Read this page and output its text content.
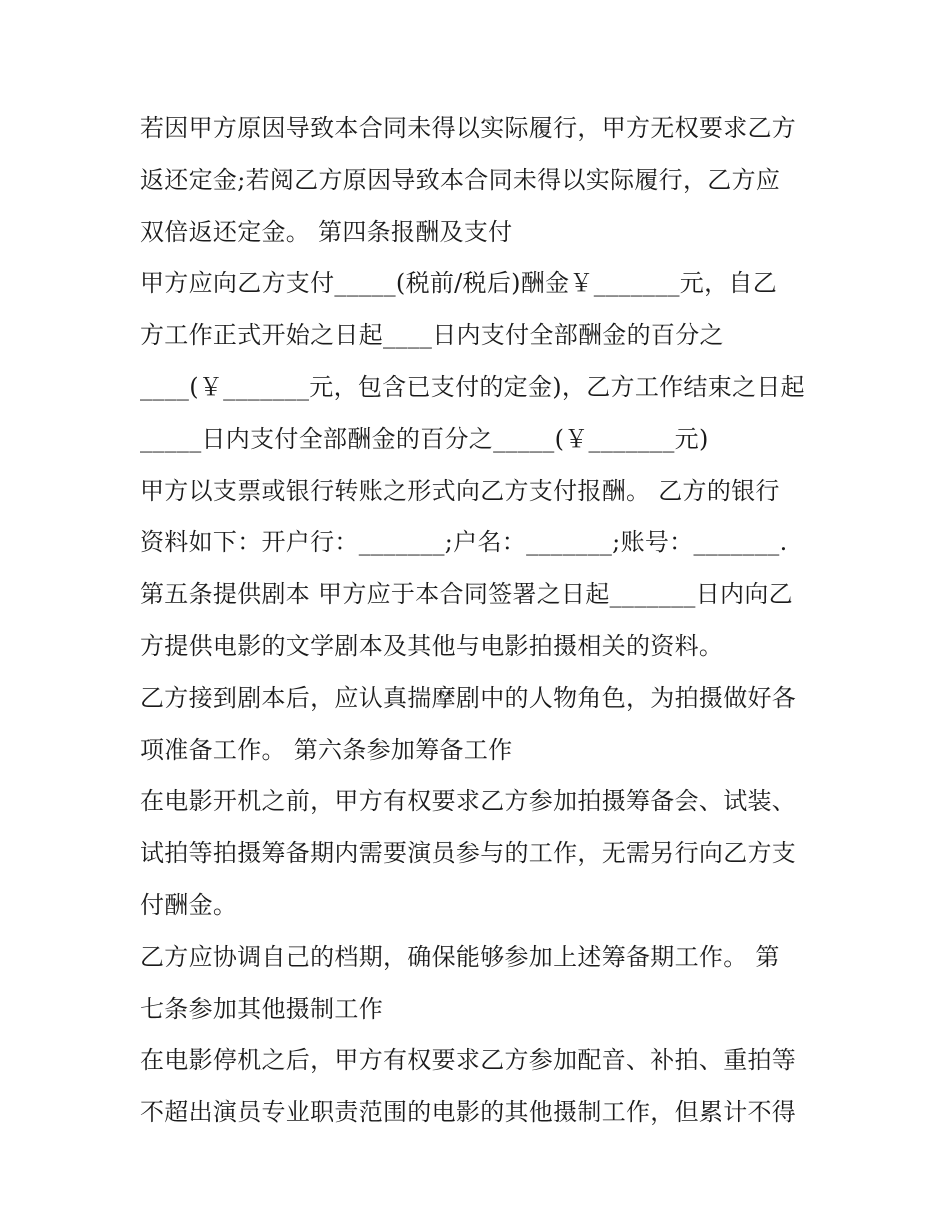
若因甲方原因导致本合同未得以实际履行，甲方无权要求乙方
返还定金;若阅乙方原因导致本合同未得以实际履行，乙方应
双倍返还定金。 第四条报酬及支付
甲方应向乙方支付_____(税前/税后)酬金￥_______元，自乙
方工作正式开始之日起____日内支付全部酬金的百分之
____(￥_______元，包含已支付的定金)，乙方工作结束之日起
_____日内支付全部酬金的百分之_____(￥_______元)
甲方以支票或银行转账之形式向乙方支付报酬。 乙方的银行
资料如下：开户行：_______;户名：_______;账号：_______.
第五条提供剧本 甲方应于本合同签署之日起_______日内向乙
方提供电影的文学剧本及其他与电影拍摄相关的资料。
乙方接到剧本后，应认真揣摩剧中的人物角色，为拍摄做好各
项准备工作。 第六条参加筹备工作
在电影开机之前，甲方有权要求乙方参加拍摄筹备会、试装、
试拍等拍摄筹备期内需要演员参与的工作，无需另行向乙方支
付酬金。
乙方应协调自己的档期，确保能够参加上述筹备期工作。 第
七条参加其他摄制工作
在电影停机之后，甲方有权要求乙方参加配音、补拍、重拍等
不超出演员专业职责范围的电影的其他摄制工作，但累计不得
